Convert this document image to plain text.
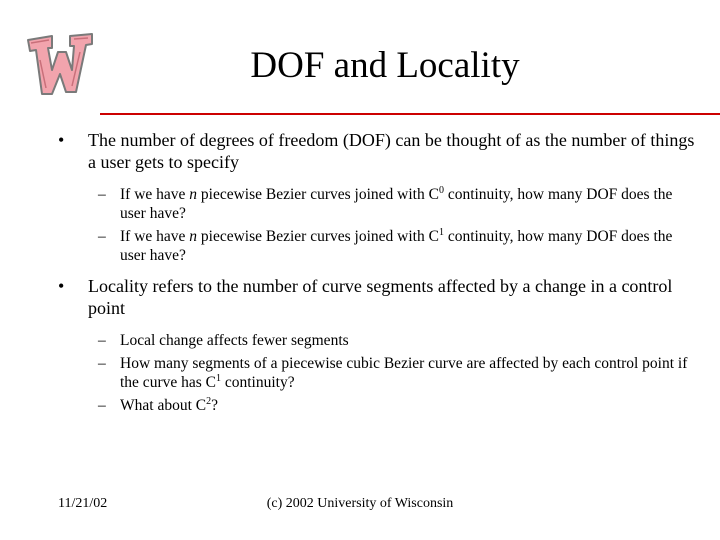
DOF and Locality
• The number of degrees of freedom (DOF) can be thought of as the number of things a user gets to specify
– If we have n piecewise Bezier curves joined with $C^0$ continuity, how many DOF does the user have?
– If we have n piecewise Bezier curves joined with $C^1$ continuity, how many DOF does the user have?
• Locality refers to the number of curve segments affected by a change in a control point
– Local change affects fewer segments
– How many segments of a piecewise cubic Bezier curve are affected by each control point if the curve has $C^1$ continuity?
– What about $C^2$?
11/21/02	(c) 2002 University of Wisconsin
